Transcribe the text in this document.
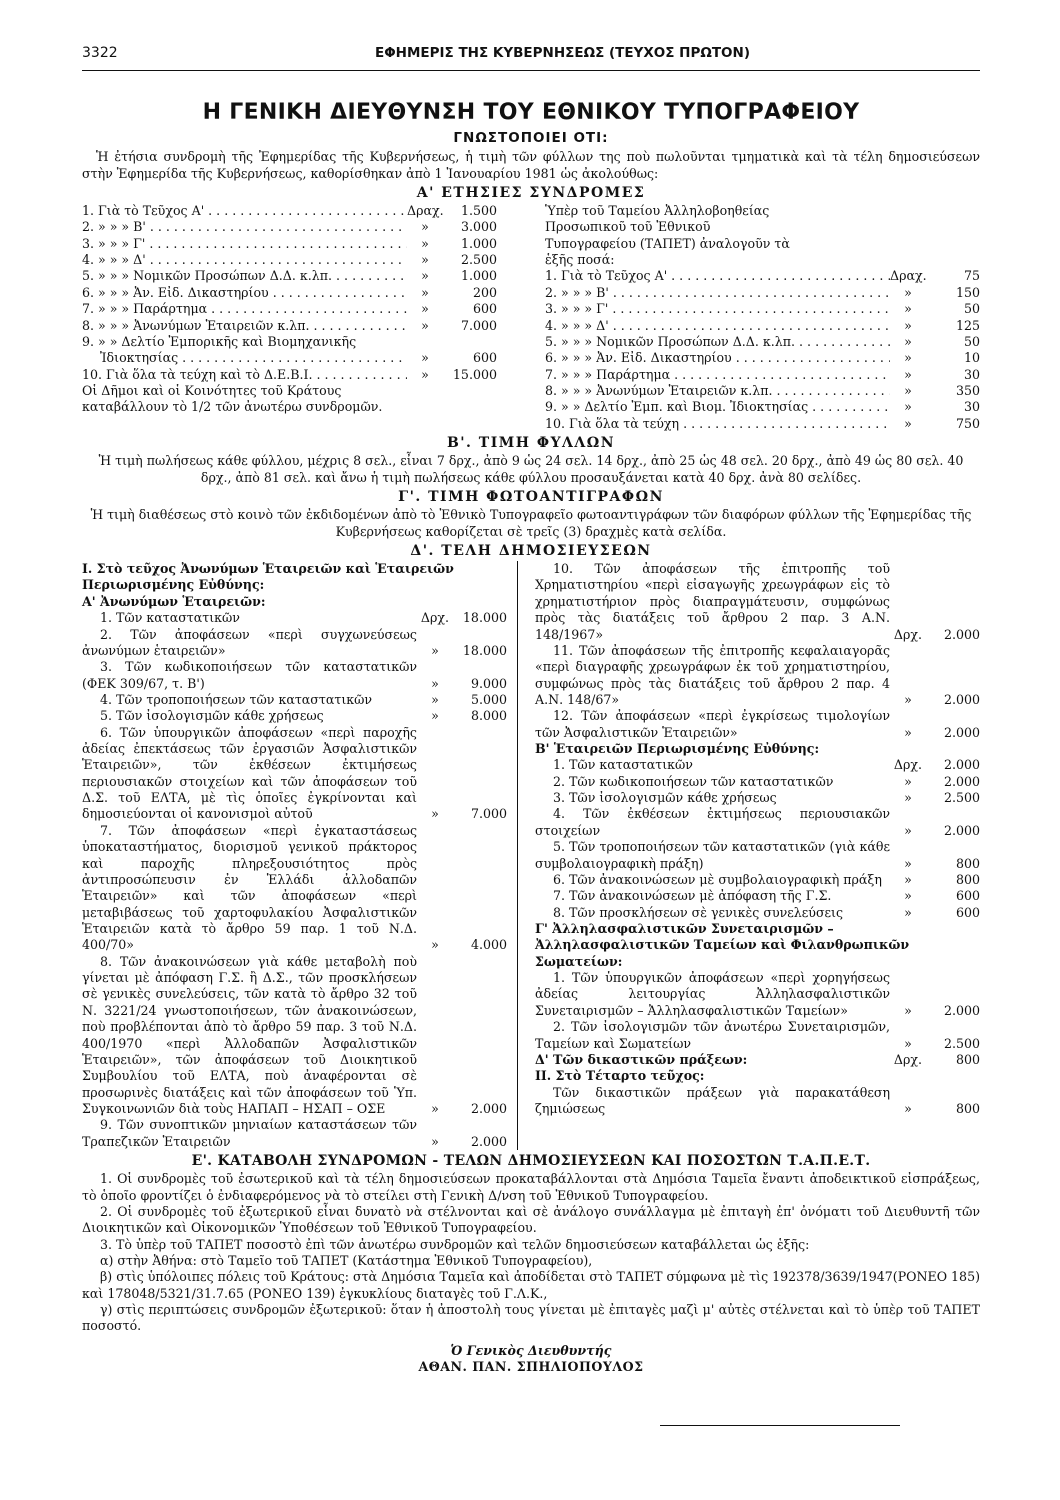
3322	ΕΦΗΜΕΡΙΣ ΤΗΣ ΚΥΒΕΡΝΗΣΕΩΣ (ΤΕΥΧΟΣ ΠΡΩΤΟΝ)
Η ΓΕΝΙΚΗ ΔΙΕΥΘΥΝΣΗ ΤΟΥ ΕΘΝΙΚΟΥ ΤΥΠΟΓΡΑΦΕΙΟΥ
ΓΝΩΣΤΟΠΟΙΕΙ ΟΤΙ:
Ἡ ἐτήσια συνδρομὴ τῆς Ἐφημερίδας τῆς Κυβερνήσεως, ἡ τιμὴ τῶν φύλλων της ποὺ πωλοῦνται τμηματικὰ καὶ τὰ τέλη δημοσιεύσεων στὴν Ἐφημερίδα τῆς Κυβερνήσεως, καθορίσθηκαν ἀπὸ 1 Ἰανουαρίου 1981 ὡς ἀκολούθως:
Α' ΕΤΗΣΙΕΣ ΣΥΝΔΡΟΜΕΣ
1. Γιὰ τὸ Τεῦχος Α' . . .	Δραχ.	1.500
2. » » » Β' . . .	»	3.000
3. » » » Γ' . . .	»	1.000
4. » » » Δ' . . .	»	2.500
5. » » » Νομικῶν Προσώπων Δ.Δ. κ.λπ. . . .	»	1.000
6. » » » Ἀν. Εἰδ. Δικαστηρίου . . .	»	200
7. » » » Παράρτημα . . .	»	600
8. » » » Ἀνωνύμων Ἑταιρειῶν κ.λπ. . . .	»	7.000
9. » » Δελτίο Ἐμπορικῆς καὶ Βιομηχανικῆς
Ἰδιοκτησίας . . .	»	600
10. Γιὰ ὅλα τὰ τεύχη καὶ τὸ Δ.Ε.Β.Ι. . . .	»	15.000
Οἱ Δῆμοι καὶ οἱ Κοινότητες τοῦ Κράτους καταβάλλουν τὸ 1/2 τῶν ἀνωτέρω συνδρομῶν.
Ὑπὲρ τοῦ Ταμείου Ἀλληλοβοηθείας Προσωπικοῦ τοῦ Ἐθνικοῦ Τυπογραφείου (ΤΑΠΕΤ) ἀναλογοῦν τὰ ἑξῆς ποσά:
1. Γιὰ τὸ Τεῦχος Α' . . .	Δραχ.	75
2. » » » Β' . . .	»	150
3. » » » Γ' . . .	»	50
4. » » » Δ' . . .	»	125
5. » » » Νομικῶν Προσώπων Δ.Δ. κ.λπ. . . .	»	50
6. » » » Ἀν. Εἰδ. Δικαστηρίου . . .	»	10
7. » » » Παράρτημα . . .	»	30
8. » » » Ἀνωνύμων Ἑταιρειῶν κ.λπ. . . .	»	350
9. » » Δελτίο Ἐμπ. καὶ Βιομ. Ἰδιοκτησίας . . .	»	30
10. Γιὰ ὅλα τὰ τεύχη . . .	»	750
Β'. ΤΙΜΗ ΦΥΛΛΩΝ
Ἡ τιμὴ πωλήσεως κάθε φύλλου, μέχρις 8 σελ., εἶναι 7 δρχ., ἀπὸ 9 ὡς 24 σελ. 14 δρχ., ἀπὸ 25 ὡς 48 σελ. 20 δρχ., ἀπὸ 49 ὡς 80 σελ. 40 δρχ., ἀπὸ 81 σελ. καὶ ἄνω ἡ τιμὴ πωλήσεως κάθε φύλλου προσαυξάνεται κατὰ 40 δρχ. ἀνὰ 80 σελίδες.
Γ'. ΤΙΜΗ ΦΩΤΟΑΝΤΙΓΡΑΦΩΝ
Ἡ τιμὴ διαθέσεως στὸ κοινὸ τῶν ἐκδιδομένων ἀπὸ τὸ Ἐθνικὸ Τυπογραφεῖο φωτοαντιγράφων τῶν διαφόρων φύλλων τῆς Ἐφημερίδας τῆς Κυβερνήσεως καθορίζεται σὲ τρεῖς (3) δραχμὲς κατὰ σελίδα.
Δ'. ΤΕΛΗ ΔΗΜΟΣΙΕΥΣΕΩΝ
Ι. Στὸ τεῦχος Ἀνωνύμων Ἑταιρειῶν καὶ Ἑταιρειῶν Περιωρισμένης Εὐθύνης:
Α' Ἀνωνύμων Ἑταιρειῶν:
1. Τῶν καταστατικῶν	Δρχ.	18.000
2. Τῶν ἀποφάσεων «περὶ συγχωνεύσεως ἀνωνύμων ἑταιρειῶν»	»	18.000
3. Τῶν κωδικοποιήσεων τῶν καταστατικῶν (ΦΕΚ 309/67, τ. Β')	»	9.000
4. Τῶν τροποποιήσεων τῶν καταστατικῶν	»	5.000
5. Τῶν ἰσολογισμῶν κάθε χρήσεως	»	8.000
6. Τῶν ὑπουργικῶν ἀποφάσεων «περὶ παροχῆς ἀδείας ἐπεκτάσεως τῶν ἐργασιῶν Ἀσφαλιστικῶν Ἑταιρειῶν», τῶν ἐκθέσεων ἐκτιμήσεως περιουσιακῶν στοιχείων καὶ τῶν ἀποφάσεων τοῦ Δ.Σ. τοῦ ΕΛΤΑ, μὲ τὶς ὁποῖες ἐγκρίνονται καὶ δημοσιεύονται οἱ κανονισμοὶ αὐτοῦ	»	7.000
7. Τῶν ἀποφάσεων «περὶ ἐγκαταστάσεως ὑποκαταστήματος, διορισμοῦ γενικοῦ πράκτορος καὶ παροχῆς πληρεξουσιότητος πρὸς ἀντιπροσώπευσιν ἐν Ἑλλάδι ἀλλοδαπῶν Ἑταιρειῶν» καὶ τῶν ἀποφάσεων «περὶ μεταβιβάσεως τοῦ χαρτοφυλακίου Ἀσφαλιστικῶν Ἑταιρειῶν κατὰ τὸ ἄρθρο 59 παρ. 1 τοῦ Ν.Δ. 400/70»	»	4.000
8. Τῶν ἀνακοινώσεων γιὰ κάθε μεταβολὴ ποὺ γίνεται μὲ ἀπόφαση Γ.Σ. ἢ Δ.Σ., τῶν προσκλήσεων σὲ γενικὲς συνελεύσεις, τῶν κατὰ τὸ ἄρθρο 32 τοῦ Ν. 3221/24 γνωστοποιήσεων, τῶν ἀνακοινώσεων, ποὺ προβλέπονται ἀπὸ τὸ ἄρθρο 59 παρ. 3 τοῦ Ν.Δ. 400/1970 «περὶ Ἀλλοδαπῶν Ἀσφαλιστικῶν Ἑταιρειῶν», τῶν ἀποφάσεων τοῦ Διοικητικοῦ Συμβουλίου τοῦ ΕΛΤΑ, ποὺ ἀναφέρονται σὲ προσωρινὲς διατάξεις καὶ τῶν ἀποφάσεων τοῦ Ὑπ. Συγκοινωνιῶν διὰ τοὺς ΗΑΠΑΠ – ΗΣΑΠ – ΟΣΕ	»	2.000
9. Τῶν συνοπτικῶν μηνιαίων καταστάσεων τῶν Τραπεζικῶν Ἑταιρειῶν	»	2.000
10. Τῶν ἀποφάσεων τῆς ἐπιτροπῆς τοῦ Χρηματιστηρίου «περὶ εἰσαγωγῆς χρεωγράφων εἰς τὸ χρηματιστήριον πρὸς διαπραγμάτευσιν, συμφώνως πρὸς τὰς διατάξεις τοῦ ἄρθρου 2 παρ. 3 Α.Ν. 148/1967»	Δρχ.	2.000
11. Τῶν ἀποφάσεων τῆς ἐπιτροπῆς κεφαλαιαγορᾶς «περὶ διαγραφῆς χρεωγράφων ἐκ τοῦ χρηματιστηρίου, συμφώνως πρὸς τὰς διατάξεις τοῦ ἄρθρου 2 παρ. 4 Α.Ν. 148/67»	»	2.000
12. Τῶν ἀποφάσεων «περὶ ἐγκρίσεως τιμολογίων τῶν Ἀσφαλιστικῶν Ἑταιρειῶν»	»	2.000
Β' Ἑταιρειῶν Περιωρισμένης Εὐθύνης:
1. Τῶν καταστατικῶν	Δρχ.	2.000
2. Τῶν κωδικοποιήσεων τῶν καταστατικῶν	»	2.000
3. Τῶν ἰσολογισμῶν κάθε χρήσεως	»	2.500
4. Τῶν ἐκθέσεων ἐκτιμήσεως περιουσιακῶν στοιχείων	»	2.000
5. Τῶν τροποποιήσεων τῶν καταστατικῶν (γιὰ κάθε συμβολαιογραφικὴ πράξη)	»	800
6. Τῶν ἀνακοινώσεων μὲ συμβολαιογραφικὴ πράξη	»	800
7. Τῶν ἀνακοινώσεων μὲ ἀπόφαση τῆς Γ.Σ.	»	600
8. Τῶν προσκλήσεων σὲ γενικὲς συνελεύσεις	»	600
Γ' Ἀλληλασφαλιστικῶν Συνεταιρισμῶν – Ἀλληλασφαλιστικῶν Ταμείων καὶ Φιλανθρωπικῶν Σωματείων:
1. Τῶν ὑπουργικῶν ἀποφάσεων «περὶ χορηγήσεως ἀδείας λειτουργίας Ἀλληλασφαλιστικῶν Συνεταιρισμῶν – Ἀλληλασφαλιστικῶν Ταμείων»	»	2.000
2. Τῶν ἰσολογισμῶν τῶν ἀνωτέρω Συνεταιρισμῶν, Ταμείων καὶ Σωματείων	»	2.500
Δ' Τῶν δικαστικῶν πράξεων:	Δρχ.	800
ΙΙ. Στὸ Τέταρτο τεῦχος:
Τῶν δικαστικῶν πράξεων γιὰ παρακατάθεση ζημιώσεως	»	800
Ε'. ΚΑΤΑΒΟΛΗ ΣΥΝΔΡΟΜΩΝ - ΤΕΛΩΝ ΔΗΜΟΣΙΕΥΣΕΩΝ ΚΑΙ ΠΟΣΟΣΤΩΝ Τ.Α.Π.Ε.Τ.
1. Οἱ συνδρομὲς τοῦ ἐσωτερικοῦ καὶ τὰ τέλη δημοσιεύσεων προκαταβάλλονται στὰ Δημόσια Ταμεῖα ἔναντι ἀποδεικτικοῦ εἰσπράξεως, τὸ ὁποῖο φροντίζει ὁ ἐνδιαφερόμενος νὰ τὸ στείλει στὴ Γενικὴ Δ/νση τοῦ Ἐθνικοῦ Τυπογραφείου.
2. Οἱ συνδρομὲς τοῦ ἐξωτερικοῦ εἶναι δυνατὸ νὰ στέλνονται καὶ σὲ ἀνάλογο συνάλλαγμα μὲ ἐπιταγὴ ἐπ' ὀνόματι τοῦ Διευθυντῆ τῶν Διοικητικῶν καὶ Οἰκονομικῶν Ὑποθέσεων τοῦ Ἐθνικοῦ Τυπογραφείου.
3. Τὸ ὑπὲρ τοῦ ΤΑΠΕΤ ποσοστὸ ἐπὶ τῶν ἀνωτέρω συνδρομῶν καὶ τελῶν δημοσιεύσεων καταβάλλεται ὡς ἑξῆς:
α) στὴν Ἀθήνα: στὸ Ταμεῖο τοῦ ΤΑΠΕΤ (Κατάστημα Ἐθνικοῦ Τυπογραφείου),
β) στὶς ὑπόλοιπες πόλεις τοῦ Κράτους: στὰ Δημόσια Ταμεῖα καὶ ἀποδίδεται στὸ ΤΑΠΕΤ σύμφωνα μὲ τὶς 192378/3639/1947(ΡΟΝΕΟ 185) καὶ 178048/5321/31.7.65 (ΡΟΝΕΟ 139) ἐγκυκλίους διαταγὲς τοῦ Γ.Λ.Κ.,
γ) στὶς περιπτώσεις συνδρομῶν ἐξωτερικοῦ: ὅταν ἡ ἀποστολὴ τους γίνεται μὲ ἐπιταγὲς μαζὶ μ' αὐτὲς στέλνεται καὶ τὸ ὑπὲρ τοῦ ΤΑΠΕΤ ποσοστό.
Ὁ Γενικὸς Διευθυντής
ΑΘΑΝ. ΠΑΝ. ΣΠΗΛΙΟΠΟΥΛΟΣ
